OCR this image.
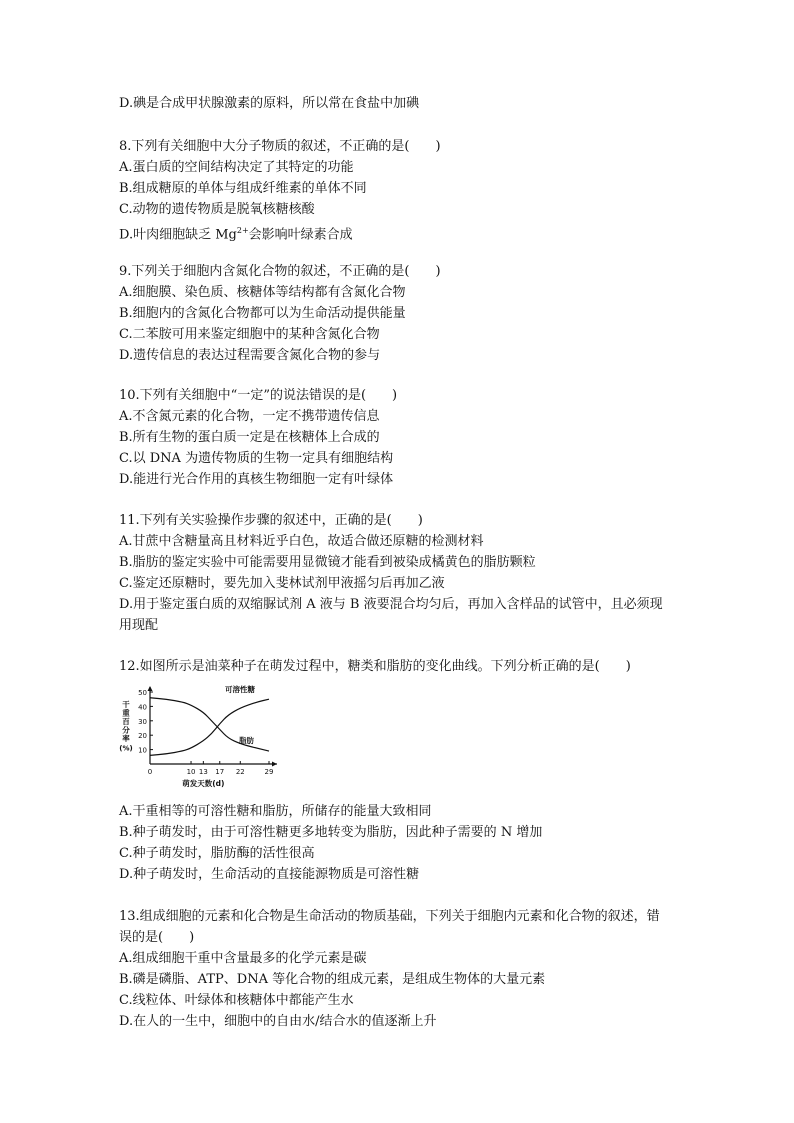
D.碘是合成甲状腺激素的原料，所以常在食盐中加碘
8.下列有关细胞中大分子物质的叙述，不正确的是(　　)
A.蛋白质的空间结构决定了其特定的功能
B.组成糖原的单体与组成纤维素的单体不同
C.动物的遗传物质是脱氧核糖核酸
D.叶肉细胞缺乏 $Mg^{2+}$会影响叶绿素合成
9.下列关于细胞内含氮化合物的叙述，不正确的是(　　)
A.细胞膜、染色质、核糖体等结构都有含氮化合物
B.细胞内的含氮化合物都可以为生命活动提供能量
C.二苯胺可用来鉴定细胞中的某种含氮化合物
D.遗传信息的表达过程需要含氮化合物的参与
10.下列有关细胞中“一定”的说法错误的是(　　)
A.不含氮元素的化合物，一定不携带遗传信息
B.所有生物的蛋白质一定是在核糖体上合成的
C.以 DNA 为遗传物质的生物一定具有细胞结构
D.能进行光合作用的真核生物细胞一定有叶绿体
11.下列有关实验操作步骤的叙述中，正确的是(　　)
A.甘蔗中含糖量高且材料近乎白色，故适合做还原糖的检测材料
B.脂肪的鉴定实验中可能需要用显微镜才能看到被染成橘黄色的脂肪颗粒
C.鉴定还原糖时，要先加入斐林试剂甲液摇匀后再加乙液
D.用于鉴定蛋白质的双缩脲试剂 A 液与 B 液要混合均匀后，再加入含样品的试管中，且必须现
用现配
12.如图所示是油菜种子在萌发过程中，糖类和脂肪的变化曲线。下列分析正确的是(　　)
10
20
30
40
50
0	10 13 17 22	29
可溶性糖
脂肪
萌发天数(d)
干
重
百
分
率
(%)
A.干重相等的可溶性糖和脂肪，所储存的能量大致相同
B.种子萌发时，由于可溶性糖更多地转变为脂肪，因此种子需要的 N 增加
C.种子萌发时，脂肪酶的活性很高
D.种子萌发时，生命活动的直接能源物质是可溶性糖
13.组成细胞的元素和化合物是生命活动的物质基础，下列关于细胞内元素和化合物的叙述，错
误的是(　　)
A.组成细胞干重中含量最多的化学元素是碳
B.磷是磷脂、ATP、DNA 等化合物的组成元素，是组成生物体的大量元素
C.线粒体、叶绿体和核糖体中都能产生水
D.在人的一生中，细胞中的自由水/结合水的值逐渐上升
